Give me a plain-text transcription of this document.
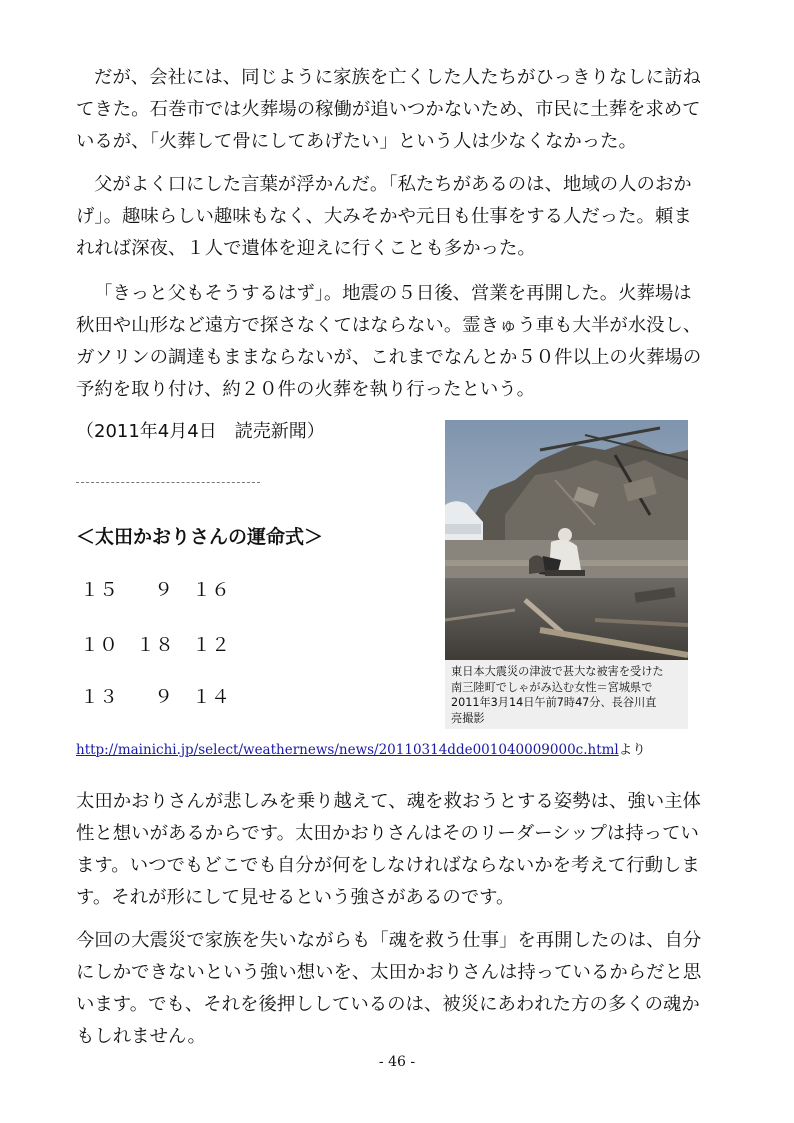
だが、会社には、同じように家族を亡くした人たちがひっきりなしに訪ね
てきた。石巻市では火葬場の稼働が追いつかないため、市民に土葬を求めて
いるが、「火葬して骨にしてあげたい」という人は少なくなかった。
父がよく口にした言葉が浮かんだ。「私たちがあるのは、地域の人のおか
げ」。趣味らしい趣味もなく、大みそかや元日も仕事をする人だった。頼ま
れれば深夜、１人で遺体を迎えに行くことも多かった。
「きっと父もそうするはず」。地震の５日後、営業を再開した。火葬場は
秋田や山形など遠方で探さなくてはならない。霊きゅう車も大半が水没し、
ガソリンの調達もままならないが、これまでなんとか５０件以上の火葬場の
予約を取り付け、約２０件の火葬を執り行ったという。

（2011年4月4日　読売新聞）

＜太田かおりさんの運命式＞

１５ ９ １６
１０ １８ １２
１３ ９ １４
東日本大震災の津波で甚大な被害を受けた
南三陸町でしゃがみ込む女性＝宮城県で
2011年3月14日午前7時47分、長谷川直
亮撮影
http://mainichi.jp/select/weathernews/news/20110314dde001040009000c.htmlより
太田かおりさんが悲しみを乗り越えて、魂を救おうとする姿勢は、強い主体
性と想いがあるからです。太田かおりさんはそのリーダーシップは持ってい
ます。いつでもどこでも自分が何をしなければならないかを考えて行動しま
す。それが形にして見せるという強さがあるのです。
今回の大震災で家族を失いながらも「魂を救う仕事」を再開したのは、自分
にしかできないという強い想いを、太田かおりさんは持っているからだと思
います。でも、それを後押ししているのは、被災にあわれた方の多くの魂か
もしれません。
- 46 -
